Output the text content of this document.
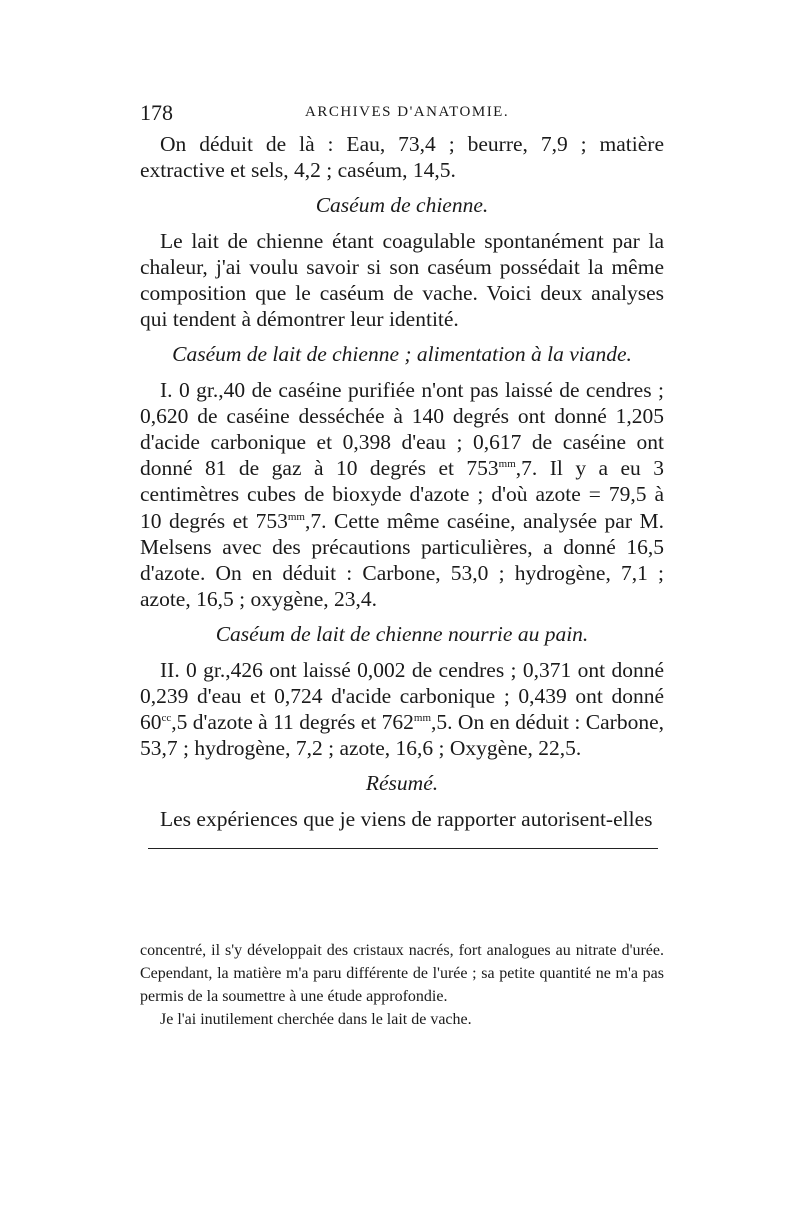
178	ARCHIVES D'ANATOMIE.

On déduit de là : Eau, 73,4 ; beurre, 7,9 ; matière extractive et sels, 4,2 ; caséum, 14,5.

Caséum de chienne.

Le lait de chienne étant coagulable spontanément par la chaleur, j'ai voulu savoir si son caséum possédait la même composition que le caséum de vache. Voici deux analyses qui tendent à démontrer leur identité.

Caséum de lait de chienne ; alimentation à la viande.

I. 0 gr.,40 de caséine purifiée n'ont pas laissé de cendres ; 0,620 de caséine desséchée à 140 degrés ont donné 1,205 d'acide carbonique et 0,398 d'eau ; 0,617 de caséine ont donné 81 de gaz à 10 degrés et $753^{mm},7$. Il y a eu 3 centimètres cubes de bioxyde d'azote ; d'où azote = 79,5 à 10 degrés et $753^{mm},7$. Cette même caséine, analysée par M. Melsens avec des précautions particulières, a donné 16,5 d'azote. On en déduit : Carbone, 53,0 ; hydrogène, 7,1 ; azote, 16,5 ; oxygène, 23,4.

Caséum de lait de chienne nourrie au pain.

II. 0 gr.,426 ont laissé 0,002 de cendres ; 0,371 ont donné 0,239 d'eau et 0,724 d'acide carbonique ; 0,439 ont donné $60^{cc},5$ d'azote à 11 degrés et $762^{mm},5$. On en déduit : Carbone, 53,7 ; hydrogène, 7,2 ; azote, 16,6 ; Oxygène, 22,5.

Résumé.

Les expériences que je viens de rapporter autorisent-elles

concentré, il s'y développait des cristaux nacrés, fort analogues au nitrate d'urée. Cependant, la matière m'a paru différente de l'urée ; sa petite quantité ne m'a pas permis de la soumettre à une étude approfondie.

Je l'ai inutilement cherchée dans le lait de vache.
